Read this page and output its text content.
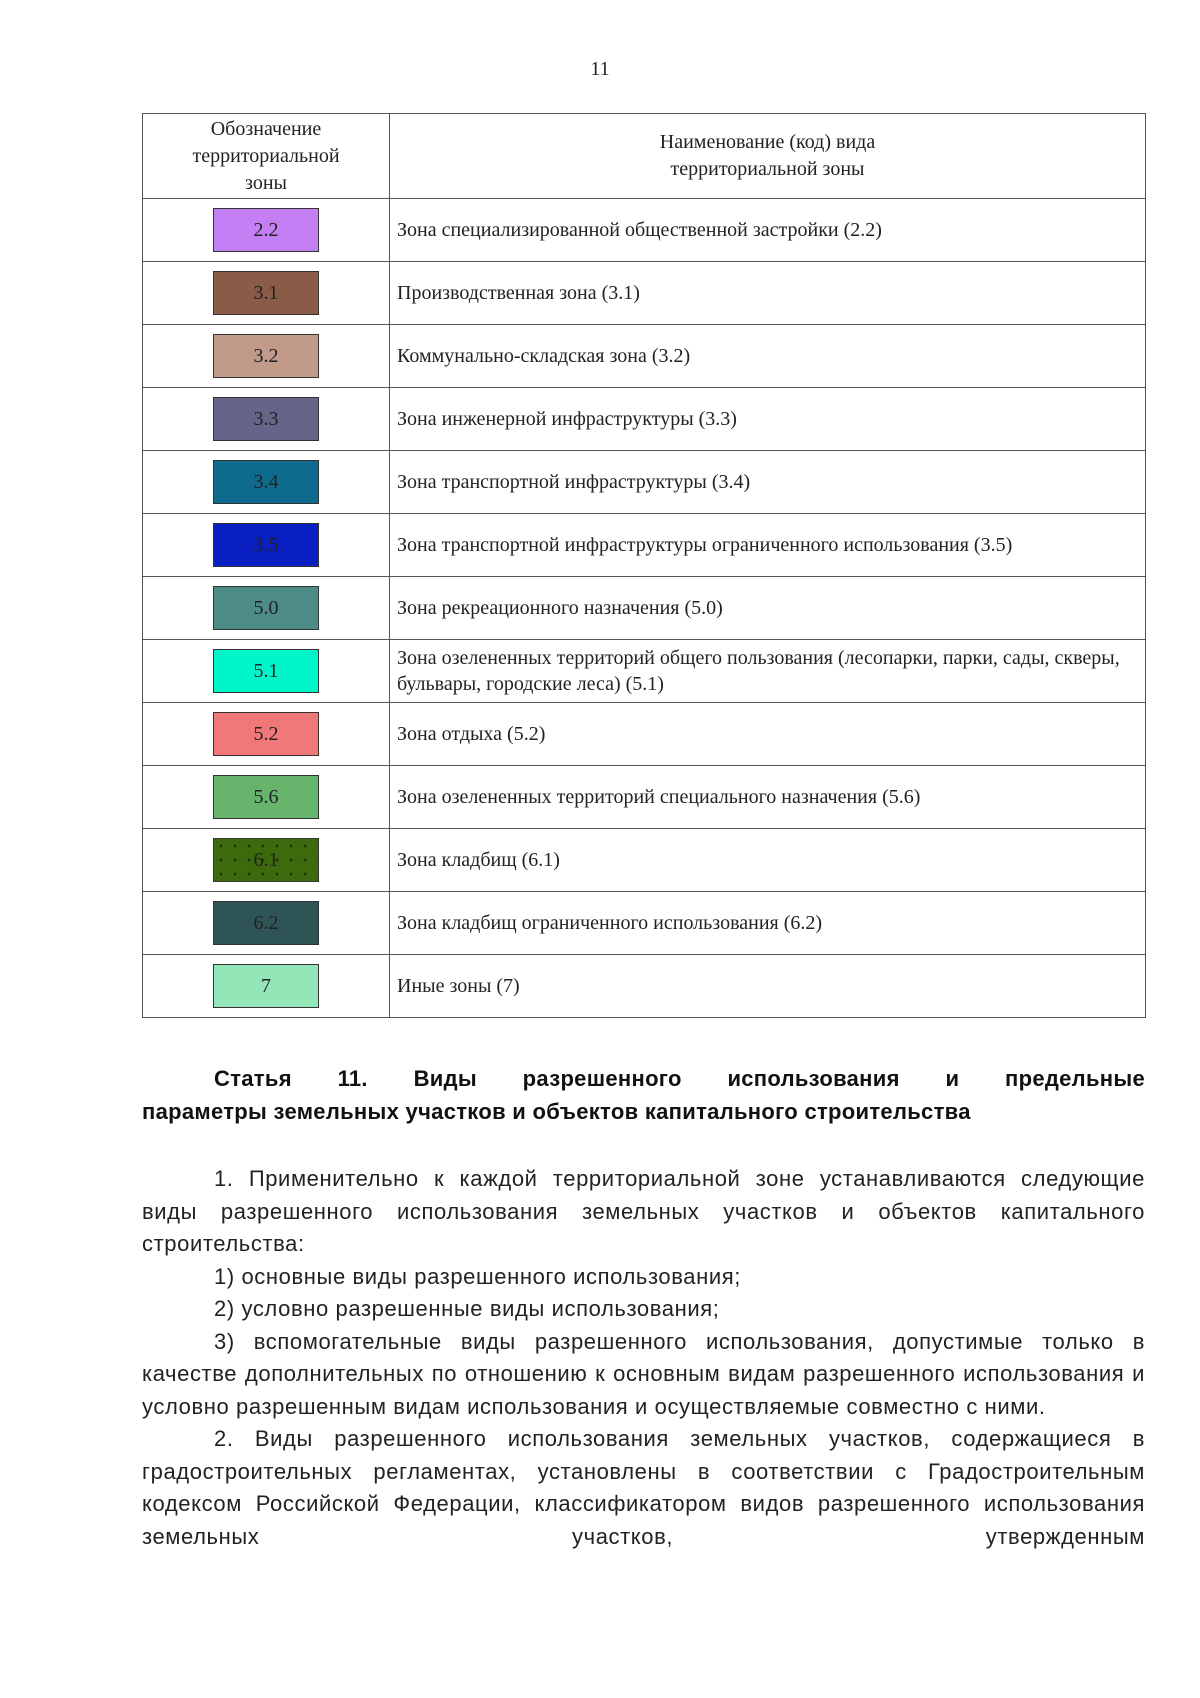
11
Обозначение территориальной зоны	Наименование (код) вида территориальной зоны
2.2	Зона специализированной общественной застройки (2.2)
3.1	Производственная зона (3.1)
3.2	Коммунально-складская зона (3.2)
3.3	Зона инженерной инфраструктуры (3.3)
3.4	Зона транспортной инфраструктуры (3.4)
3.5	Зона транспортной инфраструктуры ограниченного использования (3.5)
5.0	Зона рекреационного назначения (5.0)
5.1	Зона озелененных территорий общего пользования (лесопарки, парки, сады, скверы, бульвары, городские леса) (5.1)
5.2	Зона отдыха (5.2)
5.6	Зона озелененных территорий специального назначения (5.6)
6.1	Зона кладбищ (6.1)
6.2	Зона кладбищ ограниченного использования (6.2)
7	Иные зоны (7)
Статья 11. Виды разрешенного использования и предельные
параметры земельных участков и объектов капитального строительства

1. Применительно к каждой территориальной зоне устанавливаются следующие виды разрешенного использования земельных участков и объектов капитального строительства:

1) основные виды разрешенного использования;

2) условно разрешенные виды использования;

3) вспомогательные виды разрешенного использования, допустимые только в качестве дополнительных по отношению к основным видам разрешенного использования и условно разрешенным видам использования и осуществляемые совместно с ними.

2. Виды разрешенного использования земельных участков, содержащиеся в градостроительных регламентах, установлены в соответствии с Градостроительным кодексом Российской Федерации, классификатором видов разрешенного использования земельных участков, утвержденным
